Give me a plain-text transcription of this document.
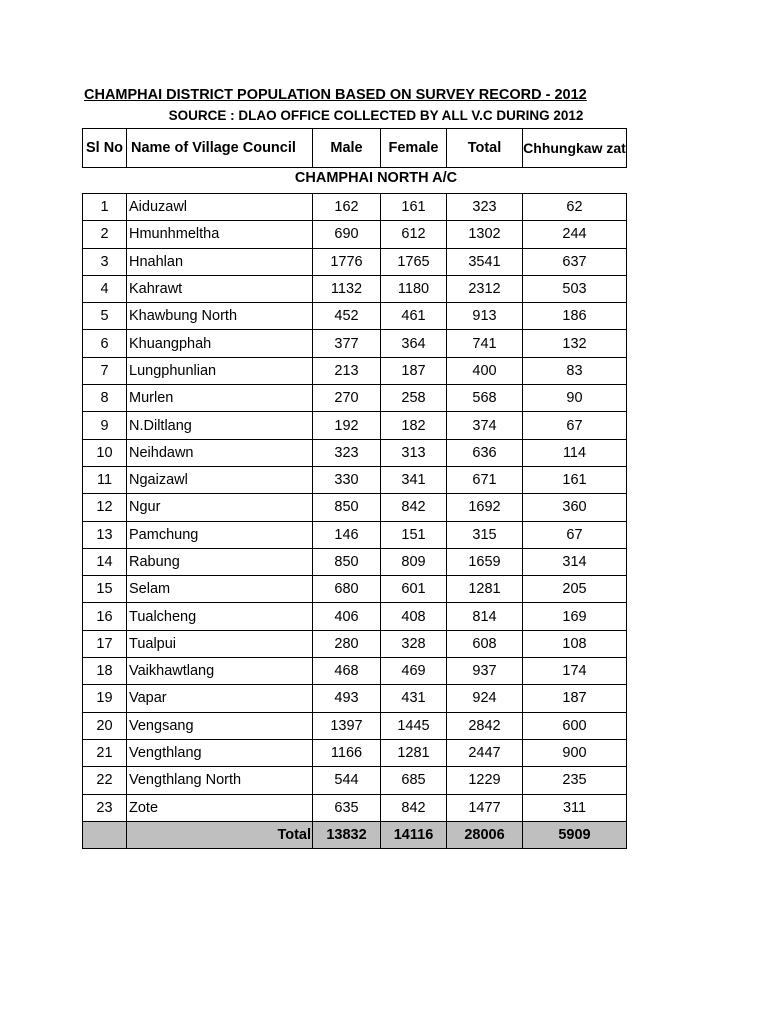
CHAMPHAI DISTRICT POPULATION BASED ON SURVEY RECORD - 2012
SOURCE : DLAO OFFICE COLLECTED BY ALL V.C DURING 2012
Sl No	Name of Village Council	Male	Female	Total	Chhungkaw zat
CHAMPHAI NORTH A/C
1	Aiduzawl	162	161	323	62
2	Hmunhmeltha	690	612	1302	244
3	Hnahlan	1776	1765	3541	637
4	Kahrawt	1132	1180	2312	503
5	Khawbung North	452	461	913	186
6	Khuangphah	377	364	741	132
7	Lungphunlian	213	187	400	83
8	Murlen	270	258	568	90
9	N.Diltlang	192	182	374	67
10	Neihdawn	323	313	636	114
11	Ngaizawl	330	341	671	161
12	Ngur	850	842	1692	360
13	Pamchung	146	151	315	67
14	Rabung	850	809	1659	314
15	Selam	680	601	1281	205
16	Tualcheng	406	408	814	169
17	Tualpui	280	328	608	108
18	Vaikhawtlang	468	469	937	174
19	Vapar	493	431	924	187
20	Vengsang	1397	1445	2842	600
21	Vengthlang	1166	1281	2447	900
22	Vengthlang North	544	685	1229	235
23	Zote	635	842	1477	311
	Total	13832	14116	28006	5909
